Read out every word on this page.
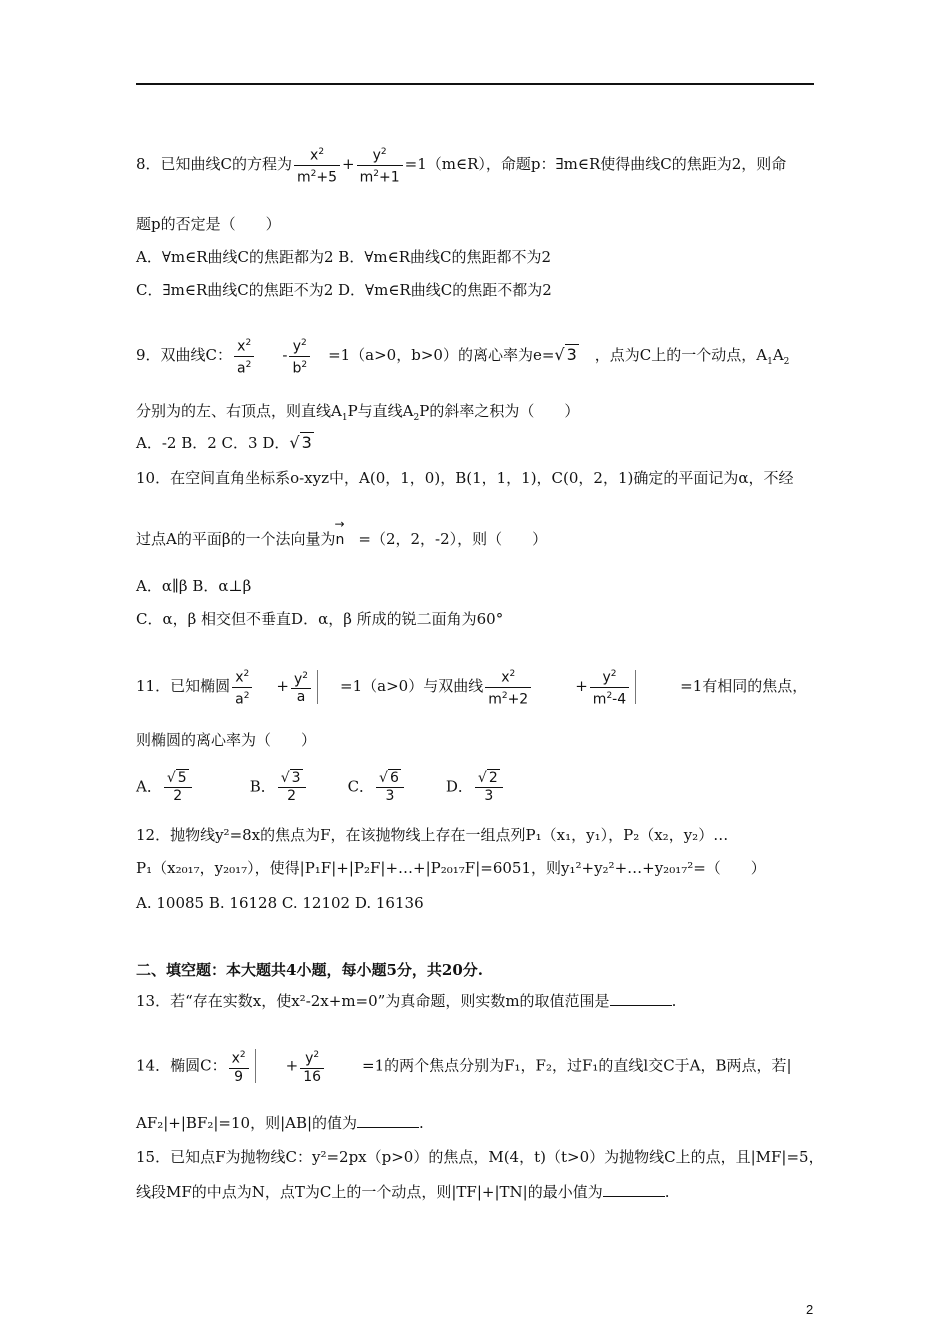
8．已知曲线C的方程为 $\frac{x^2}{m^2+5} + \frac{y^2}{m^2+1}$ =1（m∈R），命题p：∃m∈R使得曲线C的焦距为2，则命
题p的否定是（　　）
A．∀m∈R曲线C的焦距都为2 B．∀m∈R曲线C的焦距都不为2
C．∃m∈R曲线C的焦距不为2 D．∀m∈R曲线C的焦距不都为2
9．双曲线C： $\frac{x^2}{a^2} - \frac{y^2}{b^2} =1(a>0$，b>0）的离心率为e=√ 3 ，点为C上的一个动点，$A_1A_2$
分别为的左、右顶点，则直线$A_1P$与直线$A_2P$的斜率之积为（　　）
A．-2 B．2 C．3 D．√ 3
10．在空间直角坐标系o-xyz中，A(0，1，0)，B(1，1，1)，C(0，2，1)确定的平面记为α，不经
过点A的平面β的一个法向量为→ n =（2，2，-2），则（　　）
A．α∥β B．α⊥β
C．α，β 相交但不垂直D．α，β 所成的锐二面角为60°
11．已知椭圆 $\frac{x^2}{a^2} + \frac{y^2}{a} =1(a>0)$与双曲线 $\frac{x^2}{m^2+2}$	+ $\frac{y^2}{m^2-4}$	=1有相同的焦点，
则椭圆的离心率为（　　）
A． $\frac{√ 5}{2}$	B． $\frac{√ 3}{2}$	C． $\frac{√ 6}{3}$	D． $\frac{√ 2}{3}$
12．抛物线y²=8x的焦点为F，在该抛物线上存在一组点列P₁（x₁，y₁），P₂（x₂，y₂）…
P₁（x₂₀₁₇，y₂₀₁₇），使得|P₁F|+|P₂F|+…+|P₂₀₁₇F|=6051，则y₁²+y₂²+…+y₂₀₁₇²=（　　）
A. 10085 B. 16128 C. 12102 D. 16136
二、填空题：本大题共4小题，每小题5分，共20分.
13．若“存在实数x，使x²-2x+m=0”为真命题，则实数m的取值范围是	.
14．椭圆C： $\frac{x^2}{9} + \frac{y^2}{16}$	=1的两个焦点分别为F₁，F₂，过F₁的直线l交C于A，B两点，若|
AF₂|+|BF₂|=10，则|AB|的值为	.
15．已知点F为抛物线C：y²=2px（p>0）的焦点，M(4，t)（t>0）为抛物线C上的点，且|MF|=5，
线段MF的中点为N，点T为C上的一个动点，则|TF|+|TN|的最小值为	.
2
